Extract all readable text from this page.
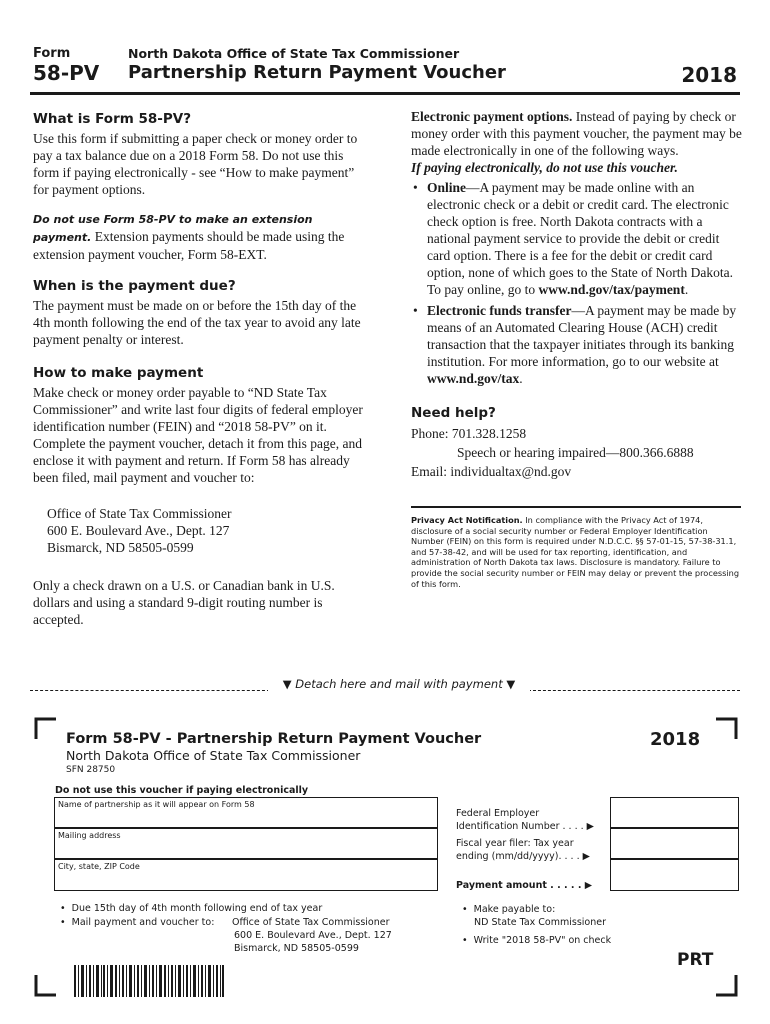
Form
58-PV
North Dakota Office of State Tax Commissioner
Partnership Return Payment Voucher	2018
What is Form 58-PV?

Use this form if submitting a paper check or money order to pay a tax balance due on a 2018 Form 58. Do not use this form if paying electronically - see “How to make payment” for payment options.

Do not use Form 58-PV to make an extension payment. Extension payments should be made using the extension payment voucher, Form 58-EXT.

When is the payment due?

The payment must be made on or before the 15th day of the 4th month following the end of the tax year to avoid any late payment penalty or interest.

How to make payment

Make check or money order payable to “ND State Tax Commissioner” and write last four digits of federal employer identification number (FEIN) and “2018 58-PV” on it. Complete the payment voucher, detach it from this page, and enclose it with payment and return. If Form 58 has already been filed, mail payment and voucher to:

Office of State Tax Commissioner

600 E. Boulevard Ave., Dept. 127

Bismarck, ND 58505-0599

Only a check drawn on a U.S. or Canadian bank in U.S. dollars and using a standard 9-digit routing number is accepted.

Electronic payment options. Instead of paying by check or money order with this payment voucher, the payment may be made electronically in one of the following ways.
If paying electronically, do not use this voucher.

• Online—A payment may be made online with an electronic check or a debit or credit card. The electronic check option is free. North Dakota contracts with a national payment service to provide the debit or credit card option. There is a fee for the debit or credit card option, none of which goes to the State of North Dakota. To pay online, go to www.nd.gov/tax/payment.

• Electronic funds transfer—A payment may be made by means of an Automated Clearing House (ACH) credit transaction that the taxpayer initiates through its banking institution. For more information, go to our website at www.nd.gov/tax.

Need help?
Phone: 701.328.1258
Speech or hearing impaired—800.366.6888
Email: individualtax@nd.gov
Privacy Act Notification. In compliance with the Privacy Act of 1974, disclosure of a social security number or Federal Employer Identification Number (FEIN) on this form is required under N.D.C.C. §§ 57-01-15, 57-38-31.1, and 57-38-42, and will be used for tax reporting, identification, and administration of North Dakota tax laws. Disclosure is mandatory. Failure to provide the social security number or FEIN may delay or prevent the processing of this form.
▼ Detach here and mail with payment ▼
Form 58-PV - Partnership Return Payment Voucher
North Dakota Office of State Tax Commissioner
SFN 28750
2018
Do not use this voucher if paying electronically
Name of partnership as it will appear on Form 58
Mailing address
City, state, ZIP Code
Federal Employer
Identification Number . . . . ▶
Fiscal year filer: Tax year
ending (mm/dd/yyyy). . . . ▶
Payment amount . . . . . ▶
•  Due 15th day of 4th month following end of tax year
•  Mail payment and voucher to: Office of State Tax Commissioner
600 E. Boulevard Ave., Dept. 127
Bismarck, ND 58505-0599
•  Make payable to:
ND State Tax Commissioner
•  Write "2018 58-PV" on check
PRT
